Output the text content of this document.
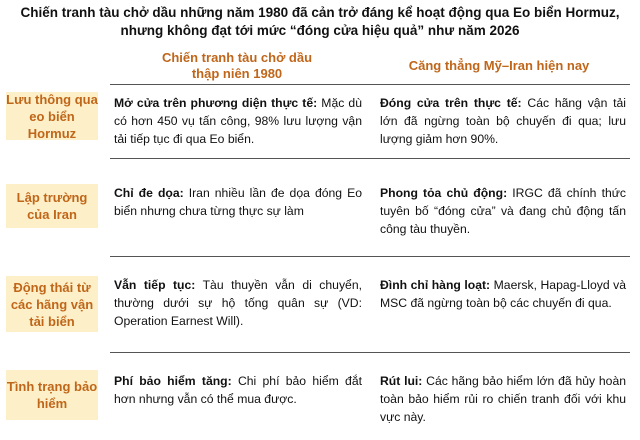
Chiến tranh tàu chở dầu những năm 1980 đã cản trở đáng kể hoạt động qua Eo biển Hormuz,
nhưng không đạt tới mức “đóng cửa hiệu quả” như năm 2026
Chiến tranh tàu chở dầu
thập niên 1980
Căng thẳng Mỹ–Iran hiện nay
Lưu thông qua eo biển Hormuz
Mở cửa trên phương diện thực tế: Mặc dù có hơn 450 vụ tấn công, 98% lưu lượng vận tải tiếp tục đi qua Eo biển.
Đóng cửa trên thực tế: Các hãng vận tải lớn đã ngừng toàn bộ chuyến đi qua; lưu lượng giảm hơn 90%.
Lập trường của Iran
Chỉ đe dọa: Iran nhiều lần đe dọa đóng Eo biển nhưng chưa từng thực sự làm
Phong tỏa chủ động: IRGC đã chính thức tuyên bố “đóng cửa” và đang chủ động tấn công tàu thuyền.
Động thái từ các hãng vận tải biển
Vẫn tiếp tục: Tàu thuyền vẫn di chuyển, thường dưới sự hộ tống quân sự (VD: Operation Earnest Will).
Đình chỉ hàng loạt: Maersk, Hapag-Lloyd và MSC đã ngừng toàn bộ các chuyến đi qua.
Tình trạng bảo hiểm
Phí bảo hiểm tăng: Chi phí bảo hiểm đắt hơn nhưng vẫn có thể mua được.
Rút lui: Các hãng bảo hiểm lớn đã hủy hoàn toàn bảo hiểm rủi ro chiến tranh đối với khu vực này.
